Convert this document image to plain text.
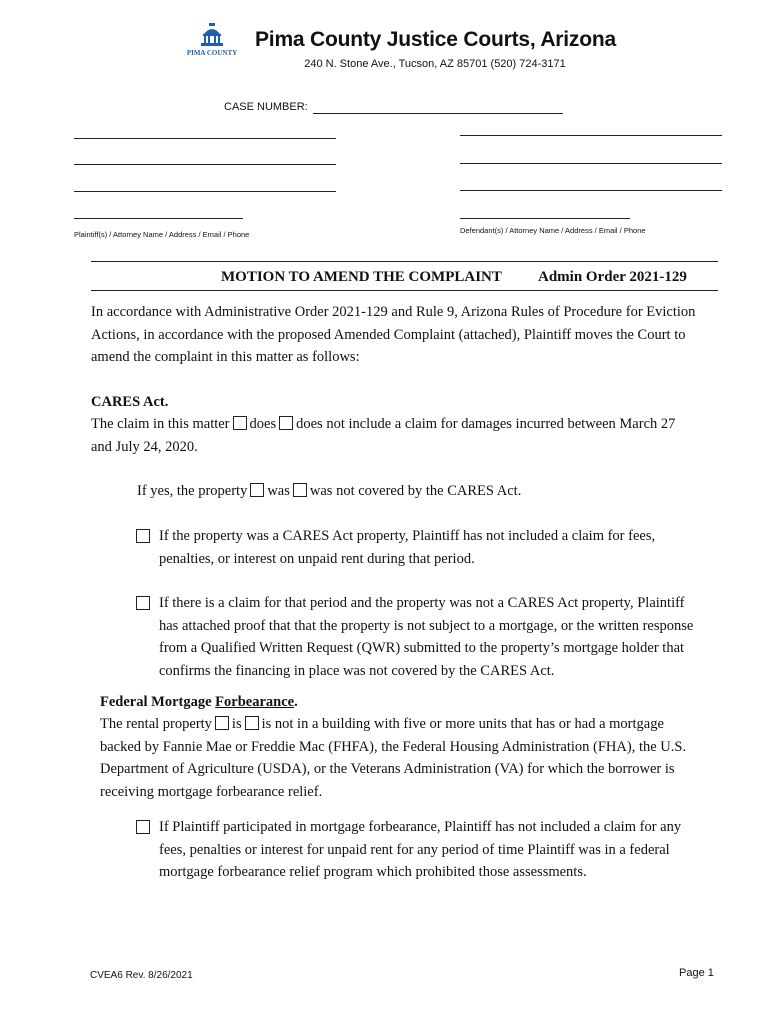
PIMA COUNTY
Pima County Justice Courts, Arizona
240 N. Stone Ave., Tucson, AZ 85701 (520) 724-3171
CASE NUMBER:
Plaintiff(s) / Attorney Name / Address / Email / Phone	Defendant(s) / Attorney Name / Address / Email / Phone
MOTION TO AMEND THE COMPLAINT Admin Order 2021-129
In accordance with Administrative Order 2021-129 and Rule 9, Arizona Rules of Procedure for Eviction
Actions, in accordance with the proposed Amended Complaint (attached), Plaintiff moves the Court to
amend the complaint in this matter as follows:
CARES Act.
The claim in this matter does does not include a claim for damages incurred between March 27
and July 24, 2020.
If yes, the property was was not covered by the CARES Act.
If the property was a CARES Act property, Plaintiff has not included a claim for fees,
penalties, or interest on unpaid rent during that period.
If there is a claim for that period and the property was not a CARES Act property, Plaintiff
has attached proof that that the property is not subject to a mortgage, or the written response
from a Qualified Written Request (QWR) submitted to the property’s mortgage holder that
confirms the financing in place was not covered by the CARES Act.
Federal Mortgage Forbearance.
The rental property is is not in a building with five or more units that has or had a mortgage
backed by Fannie Mae or Freddie Mac (FHFA), the Federal Housing Administration (FHA), the U.S.
Department of Agriculture (USDA), or the Veterans Administration (VA) for which the borrower is
receiving mortgage forbearance relief.
If Plaintiff participated in mortgage forbearance, Plaintiff has not included a claim for any
fees, penalties or interest for unpaid rent for any period of time Plaintiff was in a federal
mortgage forbearance relief program which prohibited those assessments.
CVEA6 Rev. 8/26/2021	Page 1
